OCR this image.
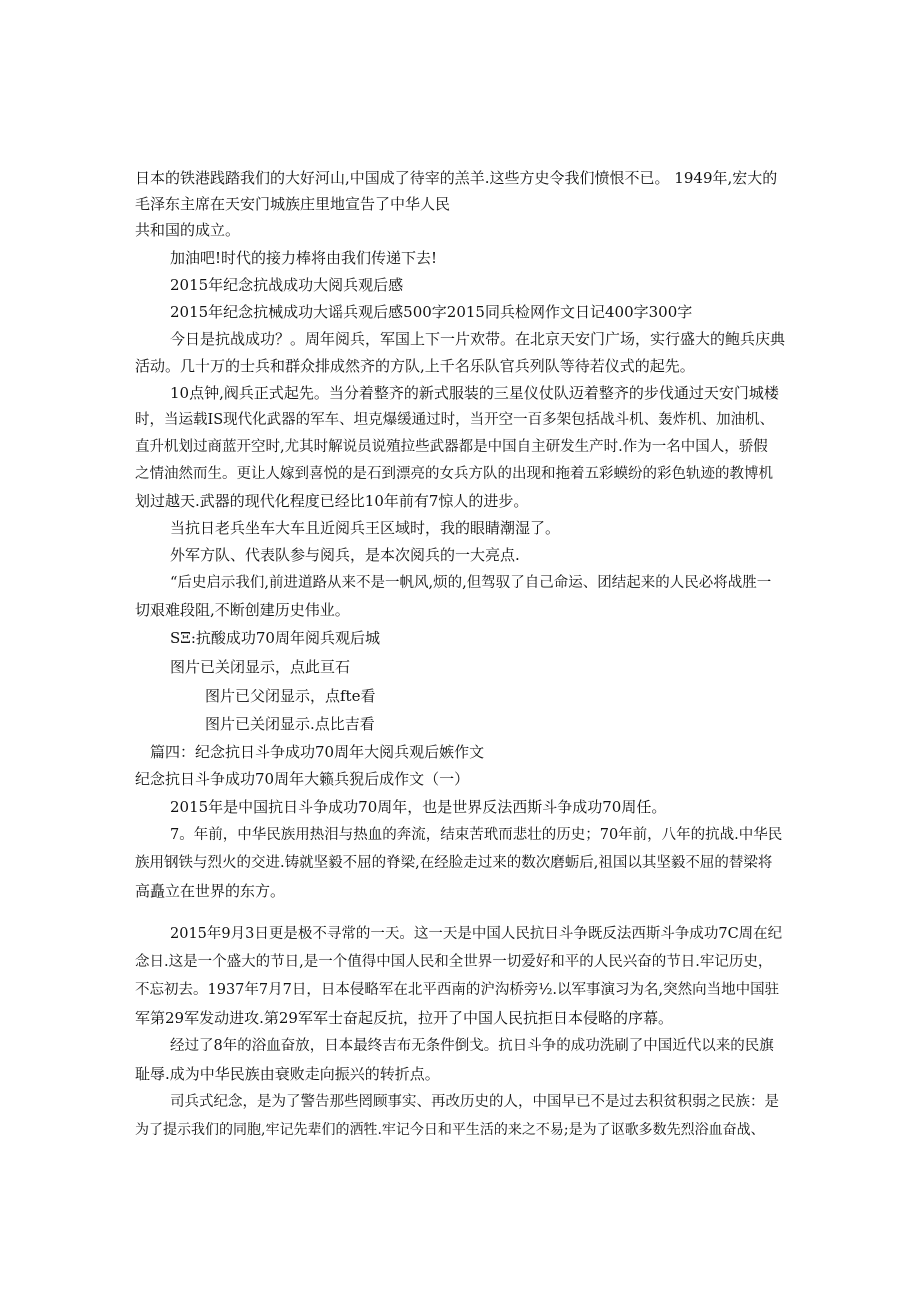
日本的铁港践踏我们的大好河山,中国成了待宰的羔羊.这些方史令我们愤恨不已。 1949年,宏大的
毛泽东主席在天安门城族庄里地宣告了中华人民
共和国的成立。
加油吧!时代的接力棒将由我们传递下去!
2015年纪念抗战成功大阅兵观后感
2015年纪念抗械成功大谣兵观后感500字2015同兵检网作文日记400字300字
今日是抗战成功？。周年阅兵，军国上下一片欢带。在北京天安门广场，实行盛大的鲍兵庆典
活动。几十万的士兵和群众排成然齐的方队,上千名乐队官兵列队等待若仪式的起先。
10点钟,阀兵正式起先。当分着整齐的新式服装的三星仪仗队迈着整齐的步伐通过天安门城楼
时，当运载IS现代化武器的军车、坦克爆缓通过时，当开空一百多架包括战斗机、轰炸机、加油机、
直升机划过商蓝开空时,尤其时解说员说殖拉些武器都是中国自主研发生产时.作为一名中国人，骄假
之情油然而生。更让人嫁到喜悦的是石到漂亮的女兵方队的出现和拖着五彩蟆纷的彩色轨迹的教博机
划过越天.武器的现代化程度已经比10年前有7惊人的进步。
当抗日老兵坐车大车且近阅兵王区域时，我的眼睛潮湿了。
外军方队、代表队参与阅兵，是本次阅兵的一大亮点.
“后史启示我们,前进道路从来不是一帆风,烦的,但驾驭了自己命运、团结起来的人民必将战胜一
切艰难段阻,不断创建历史伟业。
SΞ:抗酸成功70周年阅兵观后城
图片已关闭显示，点此亘石
图片已父闭显示，点fte看
图片已关闭显示.点比吉看
篇四：纪念抗日斗争成功70周年大阅兵观后嫉作文
纪念抗日斗争成功70周年大籁兵猊后成作文（一）
2015年是中国抗日斗争成功70周年，也是世界反法西斯斗争成功70周任。
7。年前，中华民族用热泪与热血的奔流，结束苦玳而悲壮的历史；70年前，八年的抗战.中华民
族用钢铁与烈火的交进.铸就坚毅不屈的脊梁,在经脸走过来的数次磨蛎后,祖国以其坚毅不屈的替梁将
高矗立在世界的东方。
2015年9月3日更是极不寻常的一天。这一天是中国人民抗日斗争既反法西斯斗争成功7C周在纪
念日.这是一个盛大的节日,是一个值得中国人民和全世界一切爱好和平的人民兴奋的节日.牢记历史，
不忘初去。1937年7月7日，日本侵略军在北平西南的沪沟桥旁½.以军事演习为名,突然向当地中国驻
军第29军发动进攻.第29军军士奋起反抗，拉开了中国人民抗拒日本侵略的序幕。
经过了8年的浴血奋放，日本最终吉布无条件倒戈。抗日斗争的成功洗刷了中国近代以来的民旗
耻辱.成为中华民族由衰败走向振兴的转折点。
司兵式纪念，是为了警告那些罔顾事实、再改历史的人，中国早已不是过去积贫积弱之民族：是
为了提示我们的同胞,牢记先辈们的洒牲.牢记今日和平生活的来之不易;是为了讴歌多数先烈浴血奋战、
